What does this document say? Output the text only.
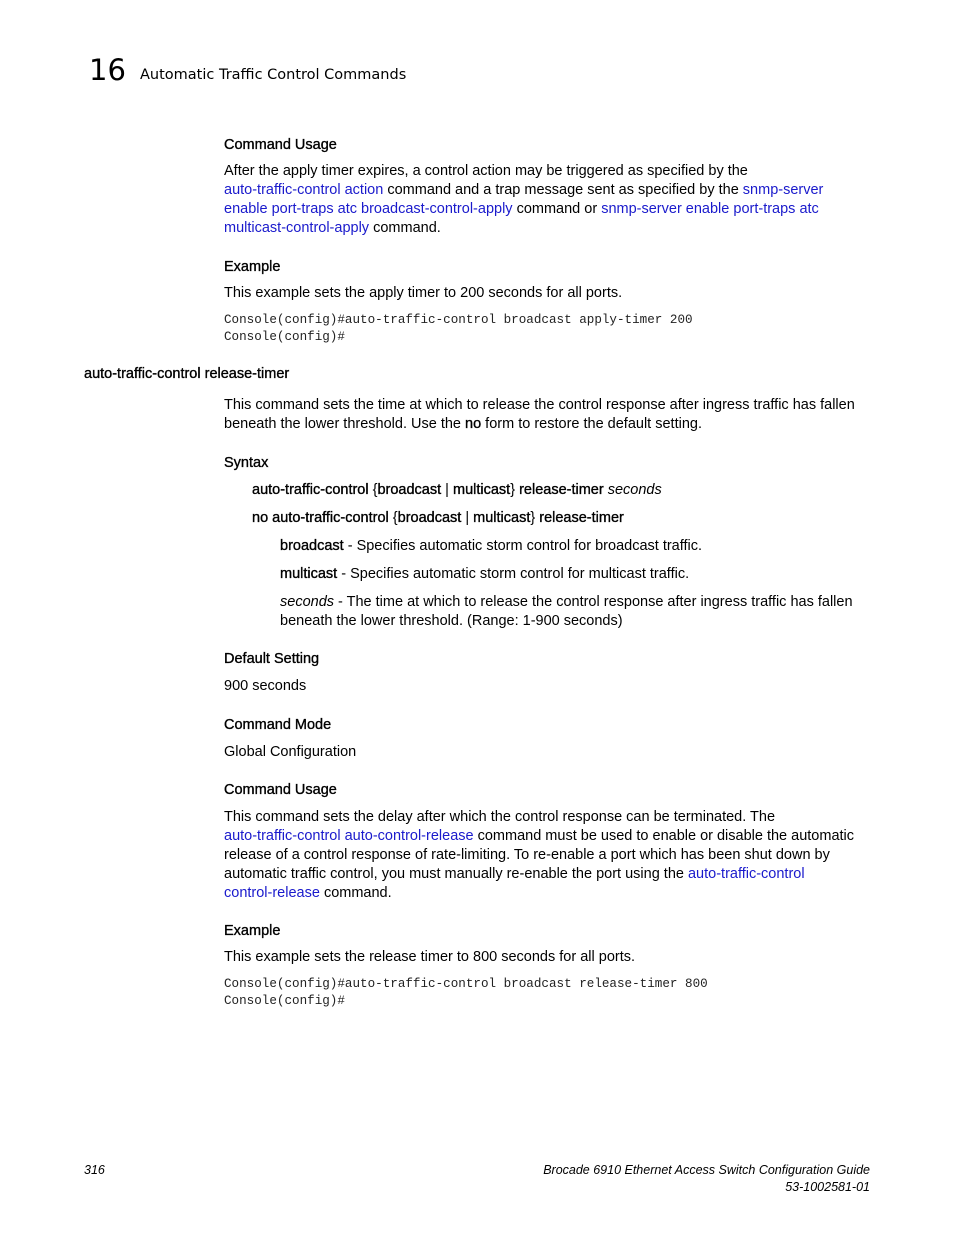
16 Automatic Traffic Control Commands
Command Usage
After the apply timer expires, a control action may be triggered as specified by the
auto-traffic-control action command and a trap message sent as specified by the snmp-server
enable port-traps atc broadcast-control-apply command or snmp-server enable port-traps atc
multicast-control-apply command.
Example
This example sets the apply timer to 200 seconds for all ports.
Console(config)#auto-traffic-control broadcast apply-timer 200
Console(config)#
auto-traffic-control release-timer
This command sets the time at which to release the control response after ingress traffic has fallen
beneath the lower threshold. Use the no form to restore the default setting.
Syntax
auto-traffic-control {broadcast | multicast} release-timer seconds
no auto-traffic-control {broadcast | multicast} release-timer
broadcast - Specifies automatic storm control for broadcast traffic.
multicast - Specifies automatic storm control for multicast traffic.
seconds - The time at which to release the control response after ingress traffic has fallen
beneath the lower threshold. (Range: 1-900 seconds)
Default Setting
900 seconds
Command Mode
Global Configuration
Command Usage
This command sets the delay after which the control response can be terminated. The
auto-traffic-control auto-control-release command must be used to enable or disable the automatic
release of a control response of rate-limiting. To re-enable a port which has been shut down by
automatic traffic control, you must manually re-enable the port using the auto-traffic-control
control-release command.
Example
This example sets the release timer to 800 seconds for all ports.
Console(config)#auto-traffic-control broadcast release-timer 800
Console(config)#
316	Brocade 6910 Ethernet Access Switch Configuration Guide
53-1002581-01
